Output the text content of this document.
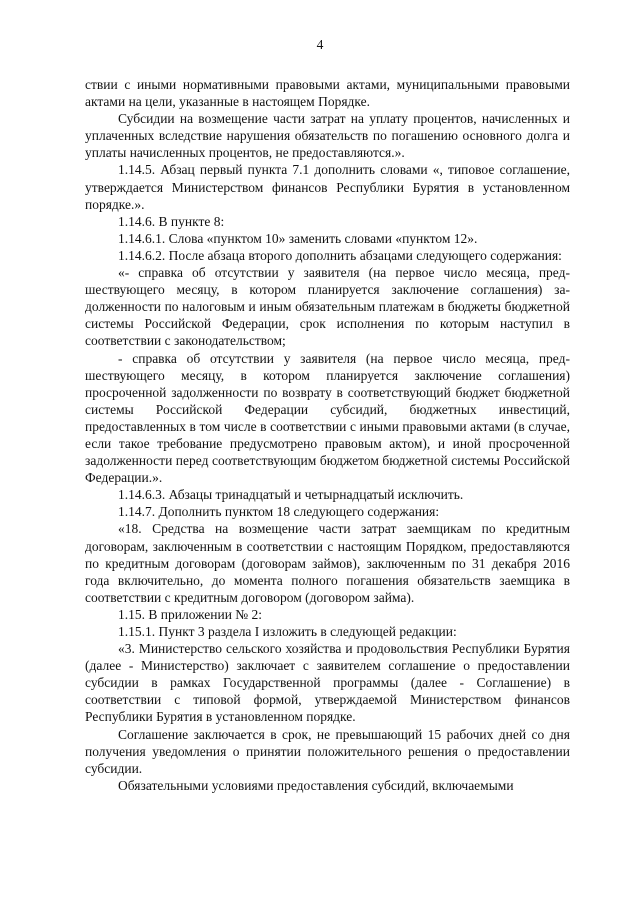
4

ствии с иными нормативными правовыми актами, муниципальными правовыми актами на цели, указанные в настоящем Порядке.

Субсидии на возмещение части затрат на уплату процентов, начисленных и уплаченных вследствие нарушения обязательств по погашению основного долга и уплаты начисленных процентов, не предоставляются.».

1.14.5. Абзац первый пункта 7.1 дополнить словами «, типовое соглашение, утверждается Министерством финансов Республики Бурятия в установленном порядке.».

1.14.6. В пункте 8:

1.14.6.1. Слова «пунктом 10» заменить словами «пунктом 12».

1.14.6.2. После абзаца второго дополнить абзацами следующего содержания:

«- справка об отсутствии у заявителя (на первое число месяца, предшествующего месяцу, в котором планируется заключение соглашения) задолженности по налоговым и иным обязательным платежам в бюджеты бюджетной системы Российской Федерации, срок исполнения по которым наступил в соответствии с законодательством;

- справка об отсутствии у заявителя (на первое число месяца, предшествующего месяцу, в котором планируется заключение соглашения) просроченной задолженности по возврату в соответствующий бюджет бюджетной системы Российской Федерации субсидий, бюджетных инвестиций, предоставленных в том числе в соответствии с иными правовыми актами (в случае, если такое требование предусмотрено правовым актом), и иной просроченной задолженности перед соответствующим бюджетом бюджетной системы Российской Федерации.».

1.14.6.3. Абзацы тринадцатый и четырнадцатый исключить.

1.14.7. Дополнить пунктом 18 следующего содержания:

«18. Средства на возмещение части затрат заемщикам по кредитным договорам, заключенным в соответствии с настоящим Порядком, предоставляются по кредитным договорам (договорам займов), заключенным по 31 декабря 2016 года включительно, до момента полного погашения обязательств заемщика в соответствии с кредитным договором (договором займа).

1.15. В приложении № 2:

1.15.1. Пункт 3 раздела I изложить в следующей редакции:

«3. Министерство сельского хозяйства и продовольствия Республики Бурятия (далее - Министерство) заключает с заявителем соглашение о предоставлении субсидии в рамках Государственной программы (далее - Соглашение) в соответствии с типовой формой, утверждаемой Министерством финансов Республики Бурятия в установленном порядке.

Соглашение заключается в срок, не превышающий 15 рабочих дней со дня получения уведомления о принятии положительного решения о предоставлении субсидии.

Обязательными условиями предоставления субсидий, включаемыми
